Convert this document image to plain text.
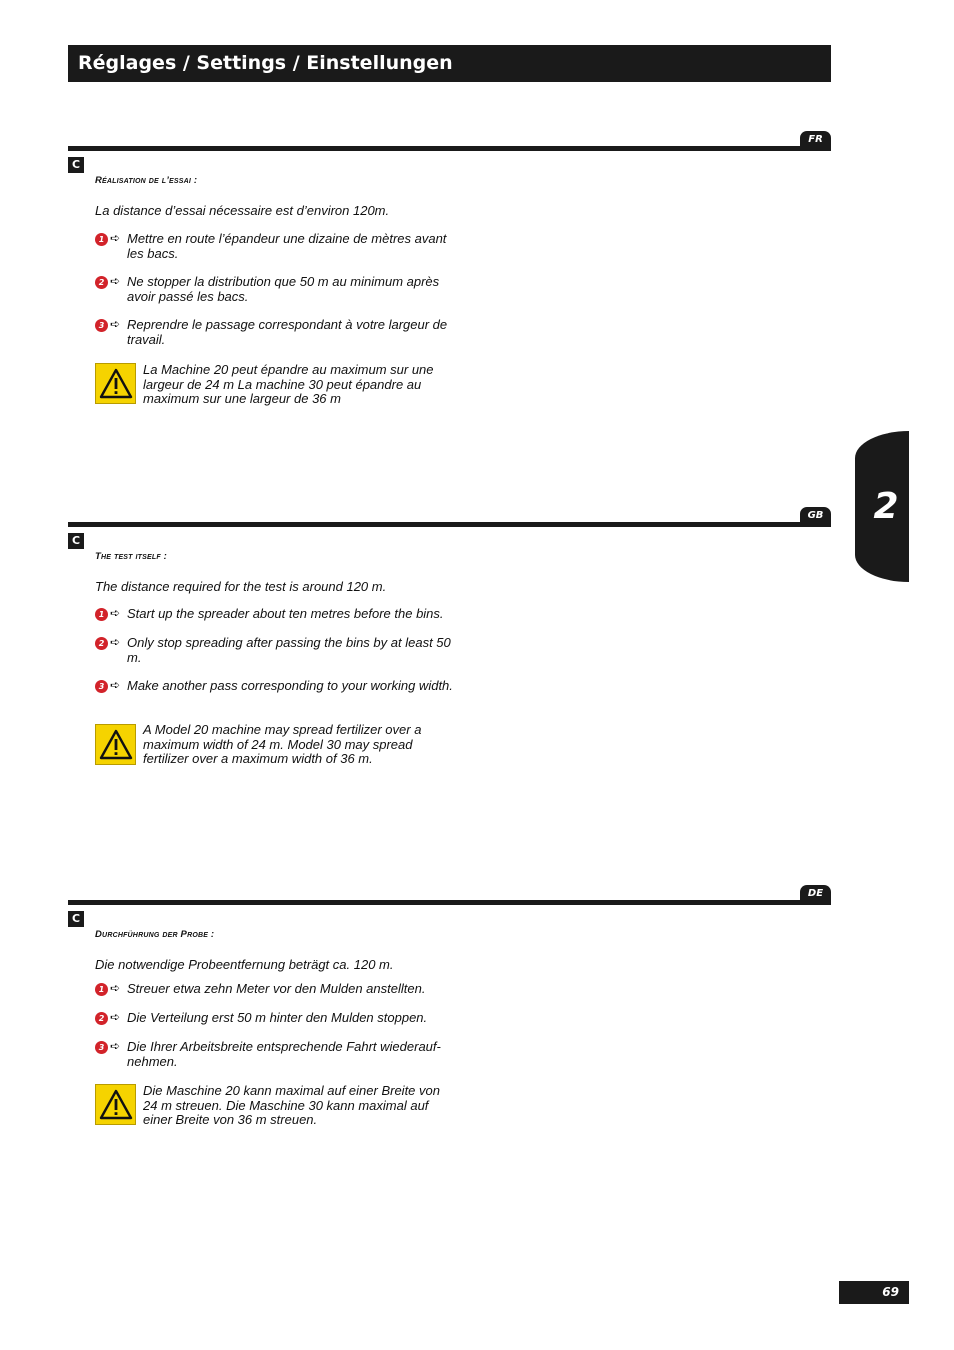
Réglages / Settings / Einstellungen
FR
C
Réalisation de l’essai :
La distance d’essai nécessaire est d’environ 120m.
1 ➪ Mettre en route l’épandeur une dizaine de mètres avant les bacs.
2 ➪ Ne stopper la distribution que 50 m au minimum après avoir passé les bacs.
3 ➪ Reprendre le passage correspondant à votre largeur de travail.
La Machine 20 peut épandre au maximum sur une largeur de 24 m La machine 30 peut épandre au maximum sur une largeur de 36 m
GB
C
The test itself :
The distance required for the test is around 120 m.
1 ➪ Start up the spreader about ten metres before the bins.
2 ➪ Only stop spreading after passing the bins by at least 50 m.
3 ➪ Make another pass corresponding to your working width.
A Model 20 machine may spread fertilizer over a maximum width of 24 m. Model 30 may spread fertilizer over a maximum width of 36 m.
DE
C
Durchführung der Probe :
Die notwendige Probeentfernung beträgt ca. 120 m.
1 ➪ Streuer etwa zehn Meter vor den Mulden anstellten.
2 ➪ Die Verteilung erst 50 m hinter den Mulden stoppen.
3 ➪ Die Ihrer Arbeitsbreite entsprechende Fahrt wiederauf-nehmen.
Die Maschine 20 kann maximal auf einer Breite von 24 m streuen. Die Maschine 30 kann maximal auf einer Breite von 36 m streuen.
2
69
